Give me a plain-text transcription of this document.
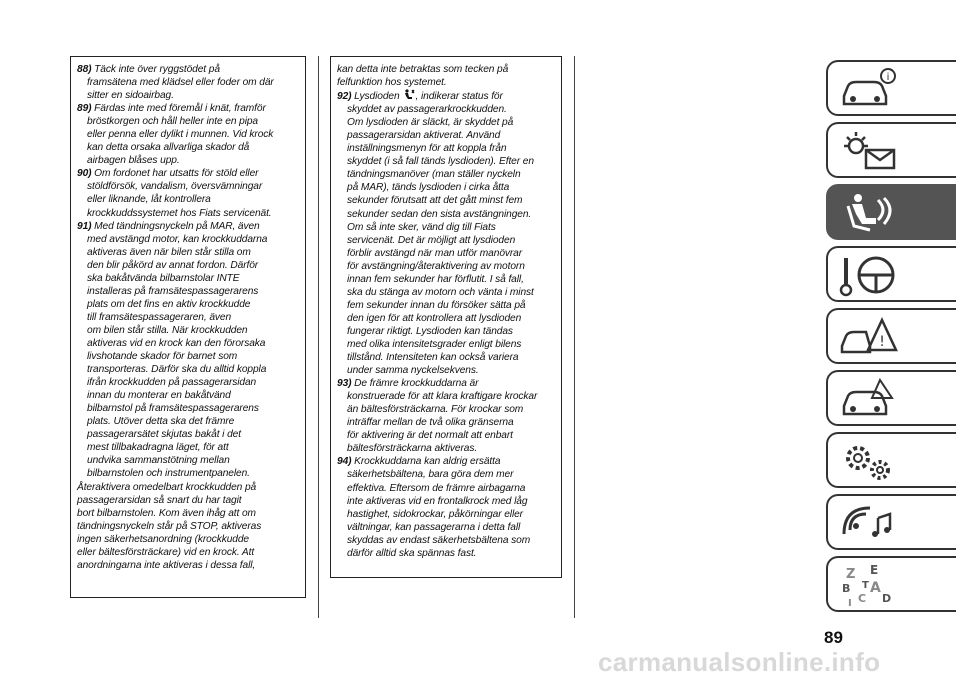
88) Täck inte över ryggstödet på
framsätena med klädsel eller foder om där
sitter en sidoairbag.
89) Färdas inte med föremål i knät, framför
bröstkorgen och håll heller inte en pipa
eller penna eller dylikt i munnen. Vid krock
kan detta orsaka allvarliga skador då
airbagen blåses upp.
90) Om fordonet har utsatts för stöld eller
stöldförsök, vandalism, översvämningar
eller liknande, låt kontrollera
krockkuddssystemet hos Fiats servicenät.
91) Med tändningsnyckeln på MAR, även
med avstängd motor, kan krockkuddarna
aktiveras även när bilen står stilla om
den blir påkörd av annat fordon. Därför
ska bakåtvända bilbarnstolar INTE
installeras på framsätespassagerarens
plats om det fins en aktiv krockkudde
till framsätespassageraren, även
om bilen står stilla. När krockkudden
aktiveras vid en krock kan den förorsaka
livshotande skador för barnet som
transporteras. Därför ska du alltid koppla
ifrån krockkudden på passagerarsidan
innan du monterar en bakåtvänd
bilbarnstol på framsätespassagerarens
plats. Utöver detta ska det främre
passagerarsätet skjutas bakåt i det
mest tillbakadragna läget, för att
undvika sammanstötning mellan
bilbarnstolen och instrumentpanelen.
Återaktivera omedelbart krockkudden på
passagerarsidan så snart du har tagit
bort bilbarnstolen. Kom även ihåg att om
tändningsnyckeln står på STOP, aktiveras
ingen säkerhetsanordning (krockkudde
eller bältesförsträckare) vid en krock. Att
anordningarna inte aktiveras i dessa fall,
kan detta inte betraktas som tecken på
felfunktion hos systemet.
92) Lysdioden , indikerar status för
skyddet av passagerarkrockkudden.
Om lysdioden är släckt, är skyddet på
passagerarsidan aktiverat. Använd
inställningsmenyn för att koppla från
skyddet (i så fall tänds lysdioden). Efter en
tändningsmanöver (man ställer nyckeln
på MAR), tänds lysdioden i cirka åtta
sekunder förutsatt att det gått minst fem
sekunder sedan den sista avstängningen.
Om så inte sker, vänd dig till Fiats
servicenät. Det är möjligt att lysdioden
förblir avstängd när man utför manövrar
för avstängning/återaktivering av motorn
innan fem sekunder har förflutit. I så fall,
ska du stänga av motorn och vänta i minst
fem sekunder innan du försöker sätta på
den igen för att kontrollera att lysdioden
fungerar riktigt. Lysdioden kan tändas
med olika intensitetsgrader enligt bilens
tillstånd. Intensiteten kan också variera
under samma nyckelsekvens.
93) De främre krockkuddarna är
konstruerade för att klara kraftigare krockar
än bältesförsträckarna. För krockar som
inträffar mellan de två olika gränserna
för aktivering är det normalt att enbart
bältesförsträckarna aktiveras.
94) Krockkuddarna kan aldrig ersätta
säkerhetsbältena, bara göra dem mer
effektiva. Eftersom de främre airbagarna
inte aktiveras vid en frontalkrock med låg
hastighet, sidokrockar, påkörningar eller
vältningar, kan passagerarna i detta fall
skyddas av endast säkerhetsbältena som
därför alltid ska spännas fast.
89
carmanualsonline.info
i
!
Z E
A
B
C D
I
T
